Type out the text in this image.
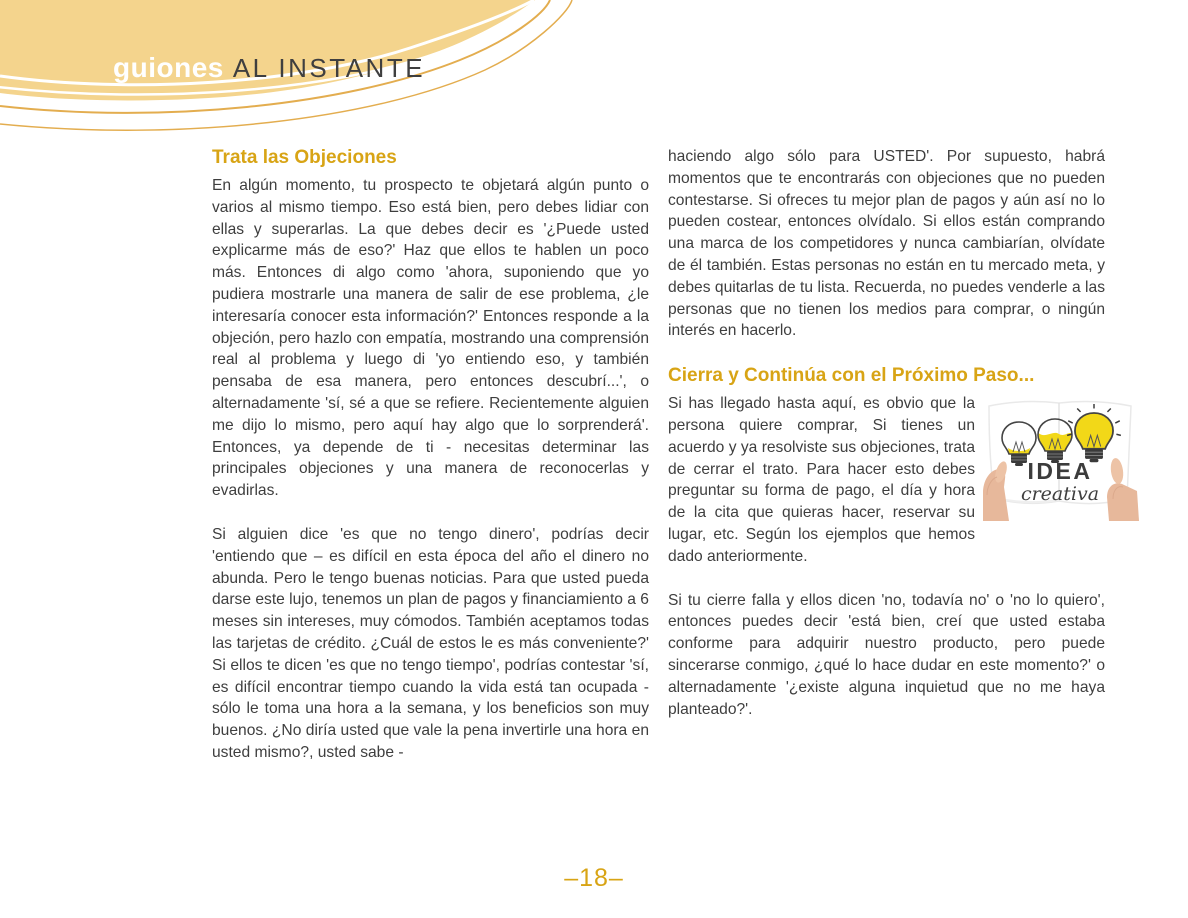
guiones AL INSTANTE
Trata las Objeciones

En algún momento, tu prospecto te objetará algún punto o varios al mismo tiempo. Eso está bien, pero debes lidiar con ellas y superarlas. La que debes decir es '¿Puede usted explicarme más de eso?' Haz que ellos te hablen un poco más. Entonces di algo como 'ahora, suponiendo que yo pudiera mostrarle una manera de salir de ese problema, ¿le interesaría conocer esta información?' Entonces responde a la objeción, pero hazlo con empatía, mostrando una comprensión real al problema y luego di 'yo entiendo eso, y también pensaba de esa manera, pero entonces descubrí...', o alternadamente 'sí, sé a que se refiere. Recientemente alguien me dijo lo mismo, pero aquí hay algo que lo sorprenderá'. Entonces, ya depende de ti - necesitas determinar las principales objeciones y una manera de reconocerlas y evadirlas.

Si alguien dice 'es que no tengo dinero', podrías decir 'entiendo que – es difícil en esta época del año el dinero no abunda. Pero le tengo buenas noticias. Para que usted pueda darse este lujo, tenemos un plan de pagos y financiamiento a 6 meses sin intereses, muy cómodos. También aceptamos todas las tarjetas de crédito. ¿Cuál de estos le es más conveniente?' Si ellos te dicen 'es que no tengo tiempo', podrías contestar 'sí, es difícil encontrar tiempo cuando la vida está tan ocupada - sólo le toma una hora a la semana, y los beneficios son muy buenos. ¿No diría usted que vale la pena invertirle una hora en usted mismo?, usted sabe -

haciendo algo sólo para USTED'. Por supuesto, habrá momentos que te encontrarás con objeciones que no pueden contestarse. Si ofreces tu mejor plan de pagos y aún así no lo pueden costear, entonces olvídalo. Si ellos están comprando una marca de los competidores y nunca cambiarían, olvídate de él también. Estas personas no están en tu mercado meta, y debes quitarlas de tu lista. Recuerda, no puedes venderle a las personas que no tienen los medios para comprar, o ningún interés en hacerlo.

Cierra y Continúa con el Próximo Paso...
IDEA
creativa

Si has llegado hasta aquí, es obvio que la persona quiere comprar, Si tienes un acuerdo y ya resolviste sus objeciones, trata de cerrar el trato. Para hacer esto debes preguntar su forma de pago, el día y hora de la cita que quieras hacer, reservar su lugar, etc. Según los ejemplos que hemos dado anteriormente.

Si tu cierre falla y ellos dicen 'no, todavía no' o 'no lo quiero', entonces puedes decir 'está bien, creí que usted estaba conforme para adquirir nuestro producto, pero puede sincerarse conmigo, ¿qué lo hace dudar en este momento?' o alternadamente '¿existe alguna inquietud que no me haya planteado?'.

–18–
